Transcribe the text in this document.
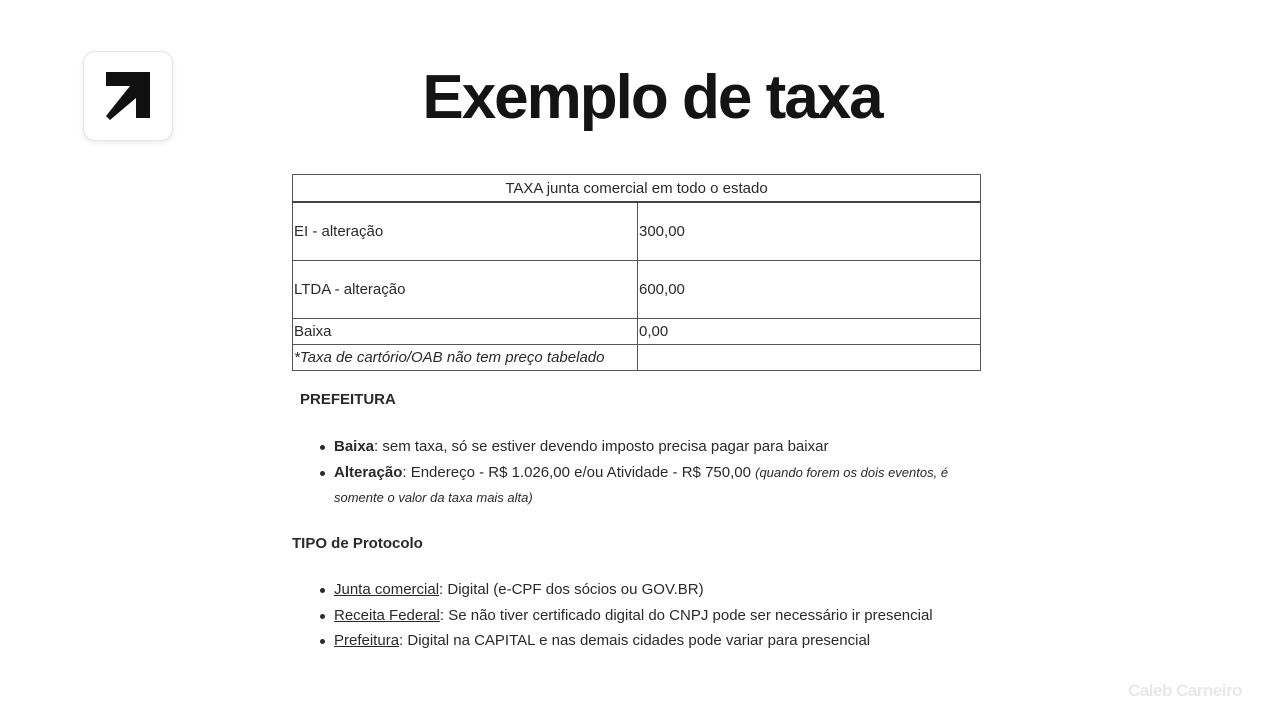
Exemplo de taxa
TAXA junta comercial em todo o estado	
EI - alteração	300,00
LTDA - alteração	600,00
Baixa	0,00
*Taxa de cartório/OAB não tem preço tabelado	
PREFEITURA
Baixa: sem taxa, só se estiver devendo imposto precisa pagar para baixar
Alteração: Endereço - R$ 1.026,00 e/ou Atividade - R$ 750,00 (quando forem os dois eventos, é somente o valor da taxa mais alta)
TIPO de Protocolo
Junta comercial: Digital (e-CPF dos sócios ou GOV.BR)
Receita Federal: Se não tiver certificado digital do CNPJ pode ser necessário ir presencial
Prefeitura: Digital na CAPITAL e nas demais cidades pode variar para presencial
Caleb Carneiro
